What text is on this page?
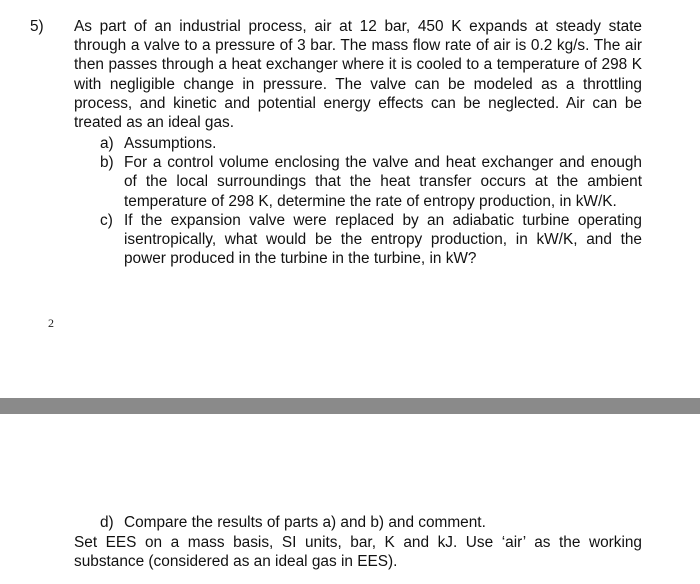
5)	As part of an industrial process, air at 12 bar, 450 K expands at steady state through a valve to a pressure of 3 bar. The mass flow rate of air is 0.2 kg/s. The air then passes through a heat exchanger where it is cooled to a temperature of 298 K with negligible change in pressure. The valve can be modeled as a throttling process, and kinetic and potential energy effects can be neglected. Air can be treated as an ideal gas.
a) Assumptions.
b) For a control volume enclosing the valve and heat exchanger and enough of the local surroundings that the heat transfer occurs at the ambient temperature of 298 K, determine the rate of entropy production, in kW/K.
c) If the expansion valve were replaced by an adiabatic turbine operating isentropically, what would be the entropy production, in kW/K, and the power produced in the turbine in the turbine, in kW?
2
d) Compare the results of parts a) and b) and comment.
Set EES on a mass basis, SI units, bar, K and kJ. Use ‘air’ as the working substance (considered as an ideal gas in EES).
